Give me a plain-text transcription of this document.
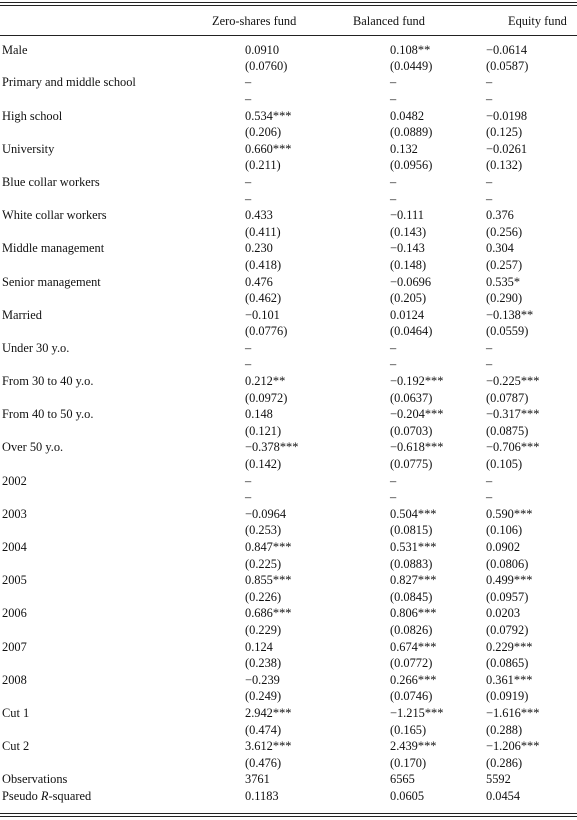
	Zero-shares fund	Balanced fund	Equity fund
Male	0.0910	0.108**	−0.0614
	(0.0760)	(0.0449)	(0.0587)
Primary and middle school	–	–	–
	–	–	–
High school	0.534***	0.0482	−0.0198
	(0.206)	(0.0889)	(0.125)
University	0.660***	0.132	−0.0261
	(0.211)	(0.0956)	(0.132)
Blue collar workers	–	–	–
	–	–	–
White collar workers	0.433	−0.111	0.376
	(0.411)	(0.143)	(0.256)
Middle management	0.230	−0.143	0.304
	(0.418)	(0.148)	(0.257)
Senior management	0.476	−0.0696	0.535*
	(0.462)	(0.205)	(0.290)
Married	−0.101	0.0124	−0.138**
	(0.0776)	(0.0464)	(0.0559)
Under 30 y.o.	–	–	–
	–	–	–
From 30 to 40 y.o.	0.212**	−0.192***	−0.225***
	(0.0972)	(0.0637)	(0.0787)
From 40 to 50 y.o.	0.148	−0.204***	−0.317***
	(0.121)	(0.0703)	(0.0875)
Over 50 y.o.	−0.378***	−0.618***	−0.706***
	(0.142)	(0.0775)	(0.105)
2002	–	–	–
	–	–	–
2003	−0.0964	0.504***	0.590***
	(0.253)	(0.0815)	(0.106)
2004	0.847***	0.531***	0.0902
	(0.225)	(0.0883)	(0.0806)
2005	0.855***	0.827***	0.499***
	(0.226)	(0.0845)	(0.0957)
2006	0.686***	0.806***	0.0203
	(0.229)	(0.0826)	(0.0792)
2007	0.124	0.674***	0.229***
	(0.238)	(0.0772)	(0.0865)
2008	−0.239	0.266***	0.361***
	(0.249)	(0.0746)	(0.0919)
Cut 1	2.942***	−1.215***	−1.616***
	(0.474)	(0.165)	(0.288)
Cut 2	3.612***	2.439***	−1.206***
	(0.476)	(0.170)	(0.286)
Observations	3761	6565	5592
Pseudo R-squared	0.1183	0.0605	0.0454
